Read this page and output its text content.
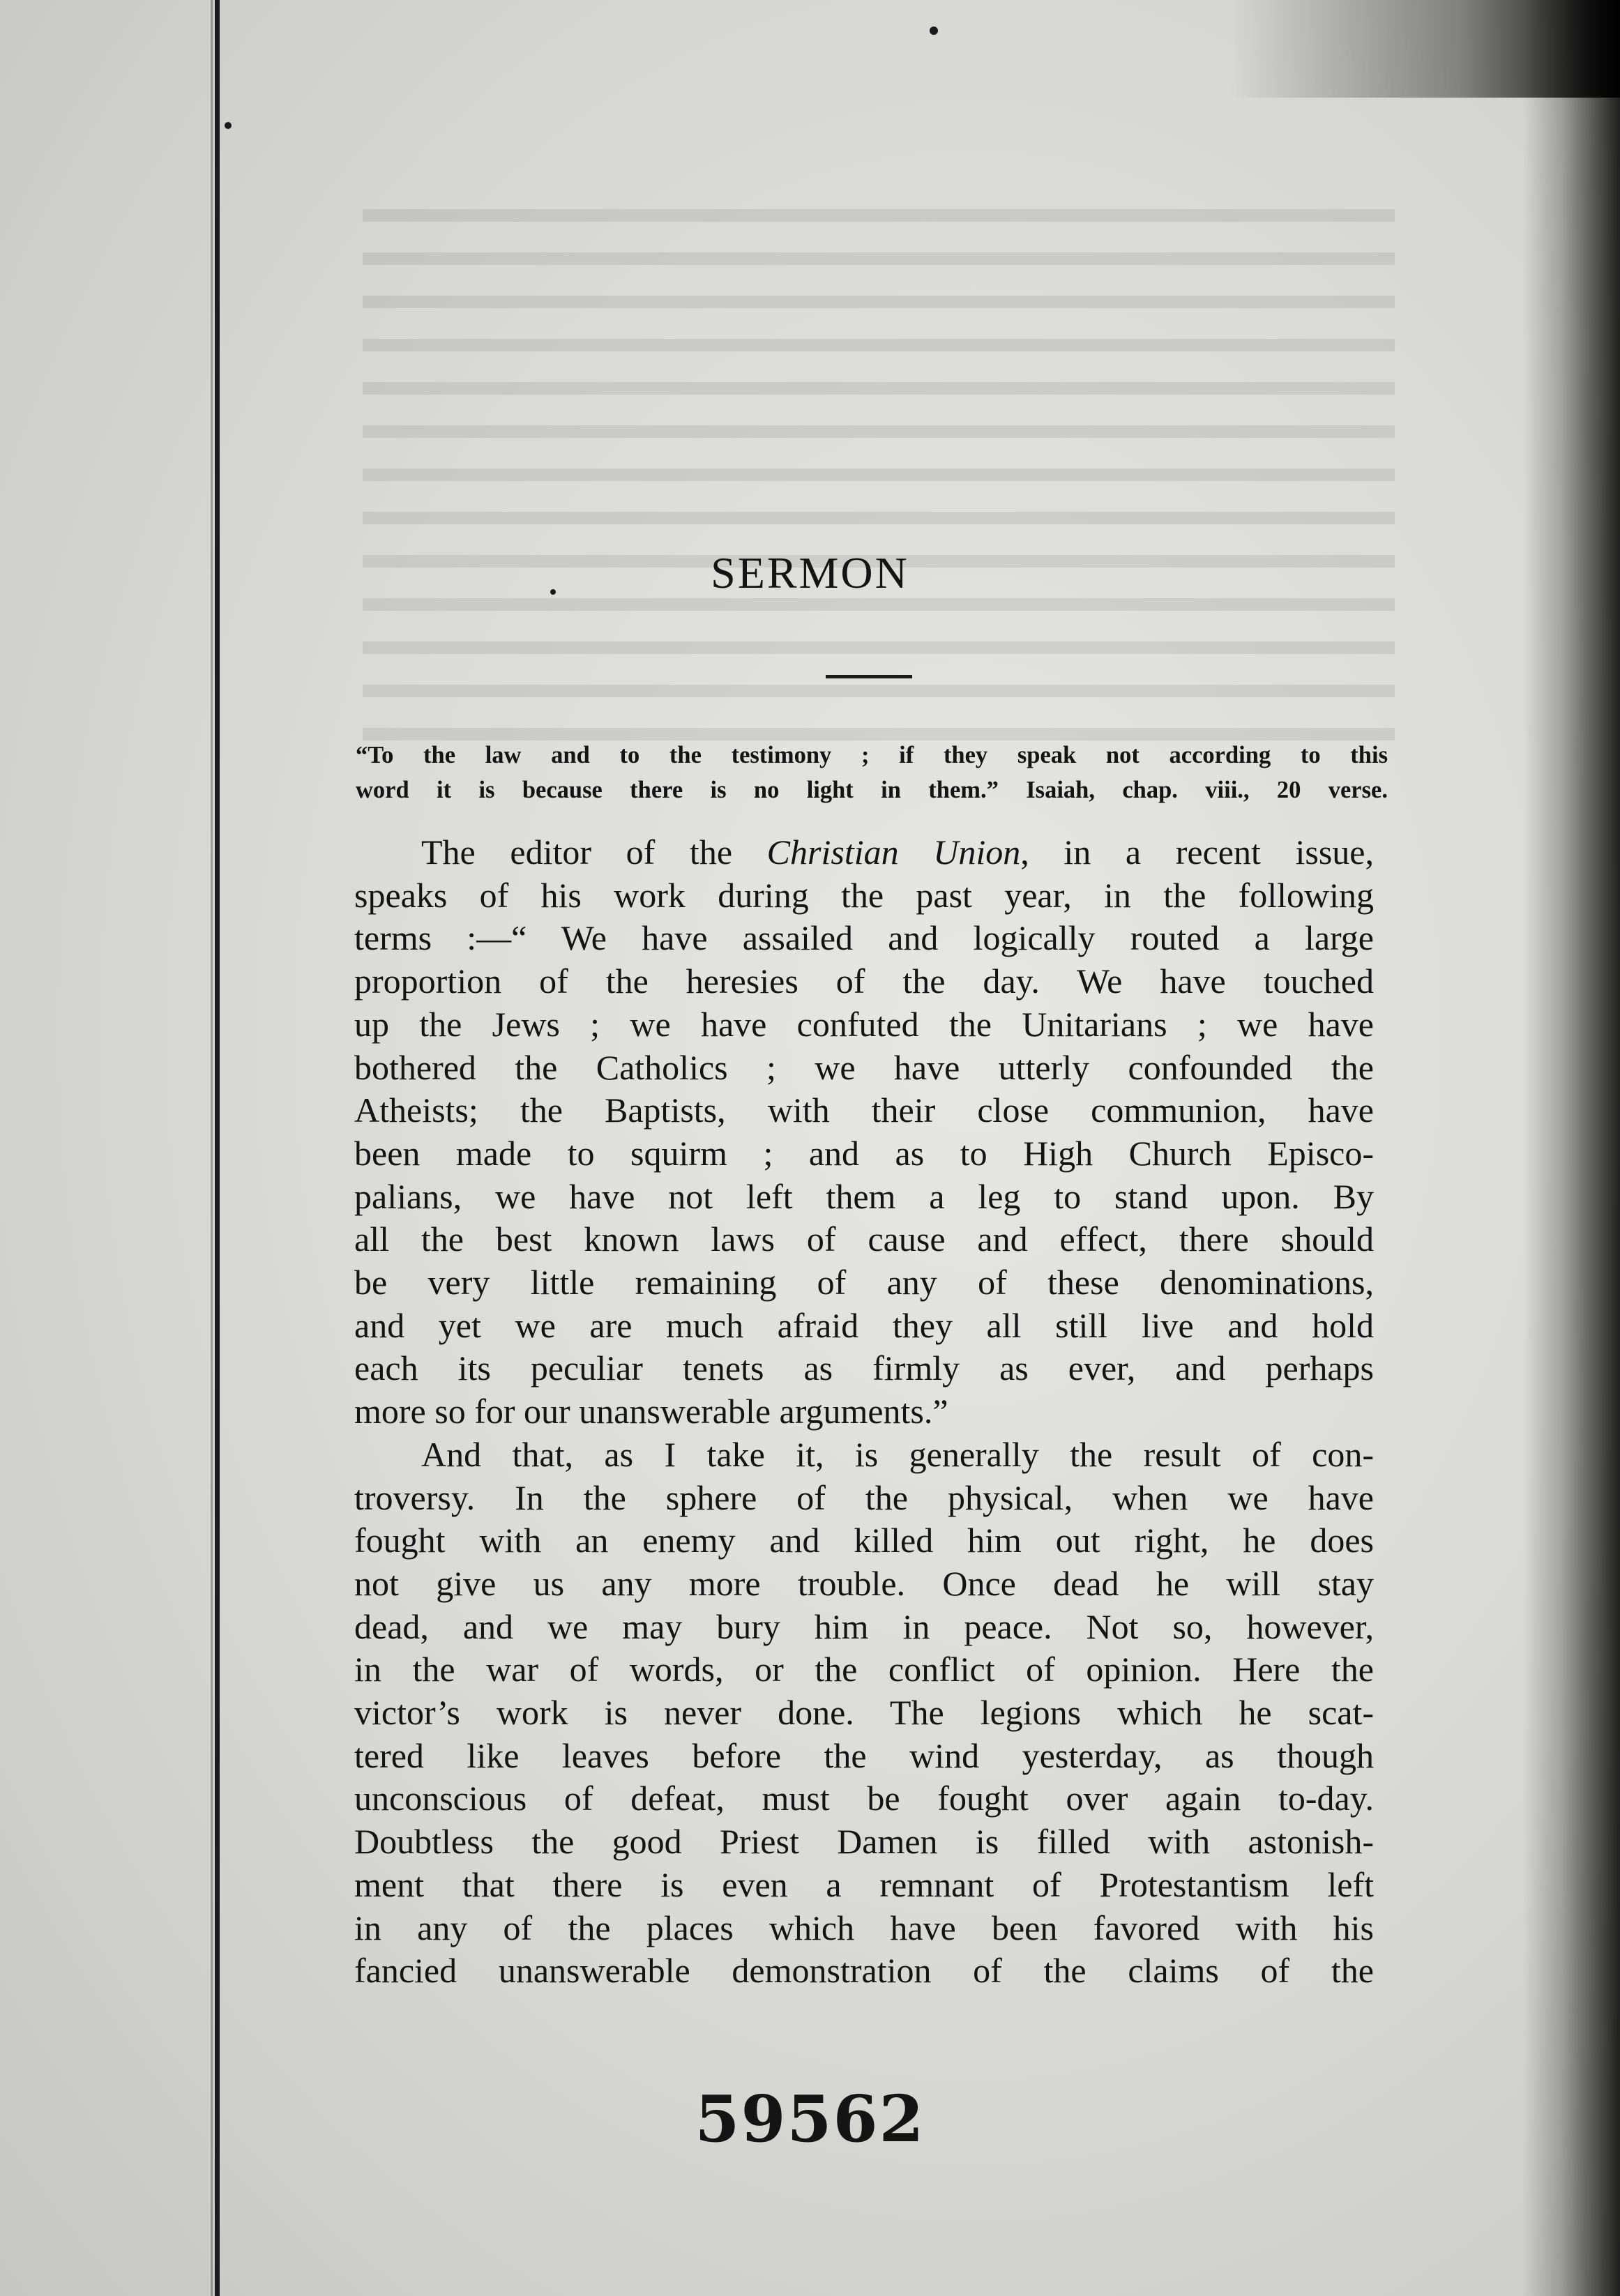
SERMON
“To the law and to the testimony ; if they speak not according to this
word it is because there is no light in them.” Isaiah, chap. viii., 20 verse.
The editor of the Christian Union, in a recent issue,
speaks of his work during the past year, in the following
terms :—“ We have assailed and logically routed a large
proportion of the heresies of the day. We have touched
up the Jews ; we have confuted the Unitarians ; we have
bothered the Catholics ; we have utterly confounded the
Atheists; the Baptists, with their close communion, have
been made to squirm ; and as to High Church Episco-
palians, we have not left them a leg to stand upon. By
all the best known laws of cause and effect, there should
be very little remaining of any of these denominations,
and yet we are much afraid they all still live and hold
each its peculiar tenets as firmly as ever, and perhaps
more so for our unanswerable arguments.”
And that, as I take it, is generally the result of con-
troversy. In the sphere of the physical, when we have
fought with an enemy and killed him out right, he does
not give us any more trouble. Once dead he will stay
dead, and we may bury him in peace. Not so, however,
in the war of words, or the conflict of opinion. Here the
victor’s work is never done. The legions which he scat-
tered like leaves before the wind yesterday, as though
unconscious of defeat, must be fought over again to-day.
Doubtless the good Priest Damen is filled with astonish-
ment that there is even a remnant of Protestantism left
in any of the places which have been favored with his
fancied unanswerable demonstration of the claims of the
59562
